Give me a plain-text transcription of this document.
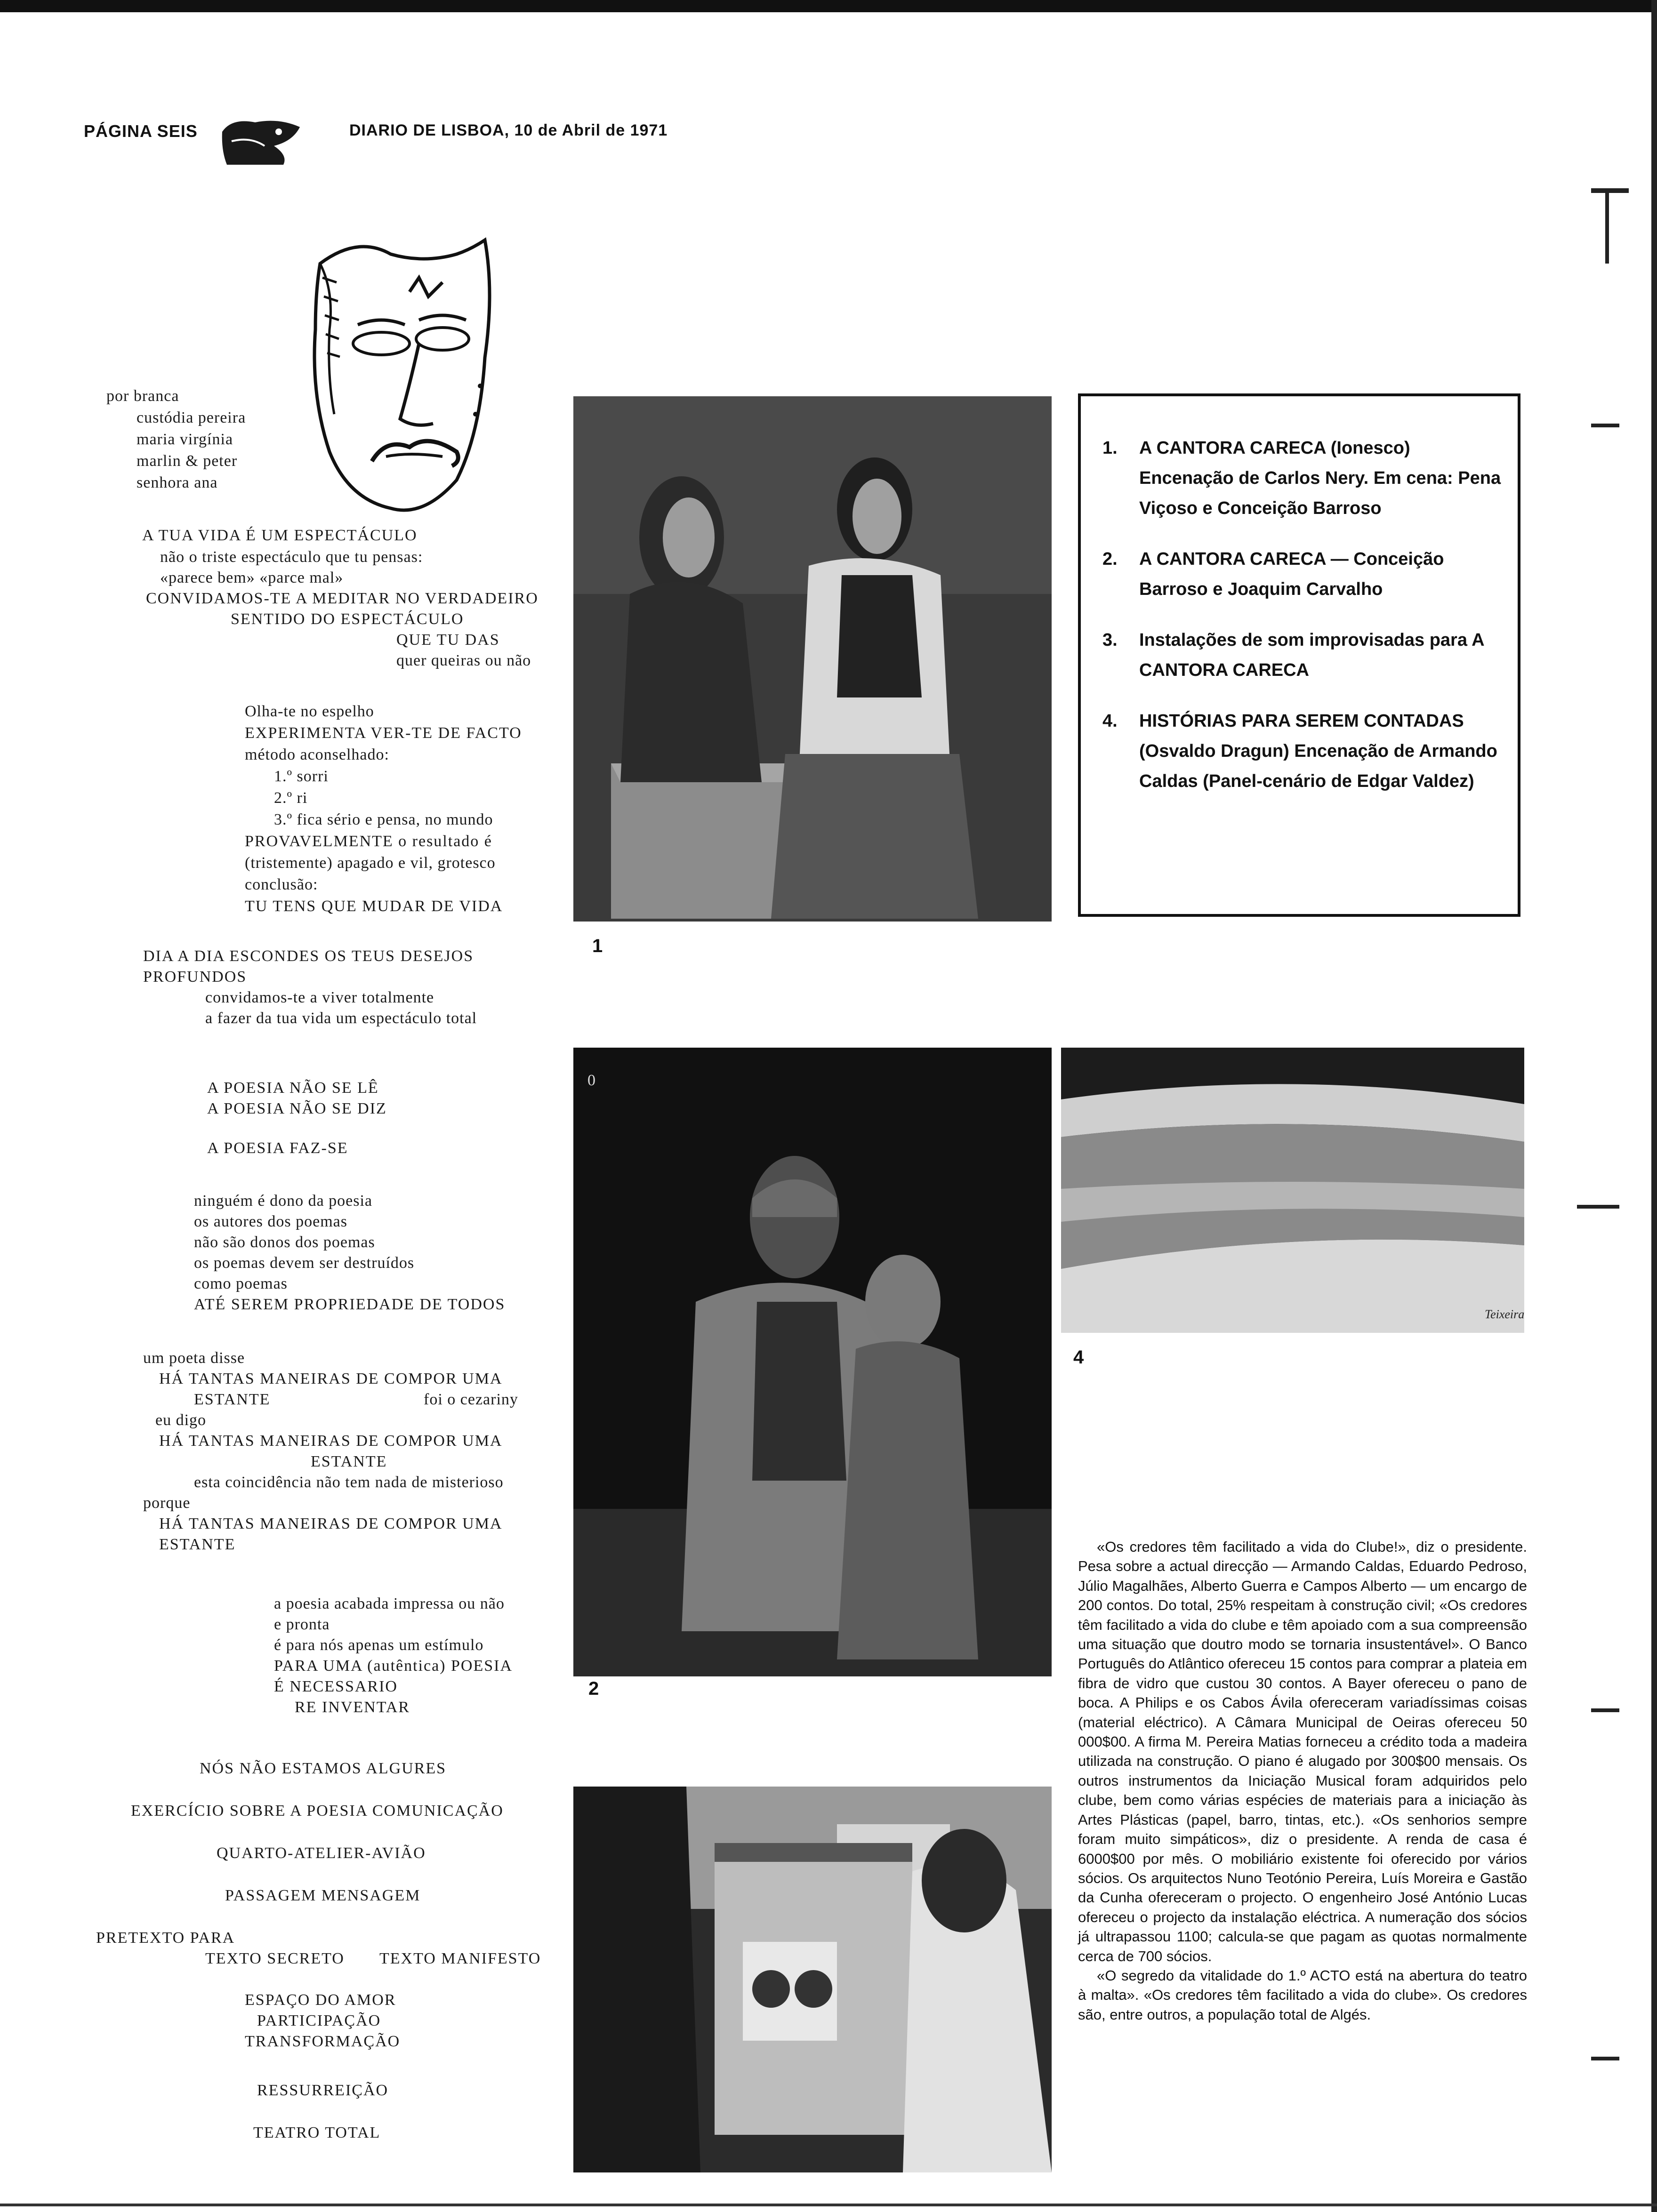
PÁGINA SEIS	DIARIO DE LISBOA, 10 de Abril de 1971
por branca
custódia pereira
maria virgínia
marlin & peter
senhora ana
A TUA VIDA É UM ESPECTÁCULO
não o triste espectáculo que tu pensas:
«parece bem» «parce mal»
CONVIDAMOS-TE A MEDITAR NO VERDADEIRO
SENTIDO DO ESPECTÁCULO
QUE TU DAS
quer queiras ou não
Olha-te no espelho
EXPERIMENTA VER-TE DE FACTO
método aconselhado:
1.º sorri
2.º ri
3.º fica sério e pensa, no mundo
PROVAVELMENTE o resultado é
(tristemente) apagado e vil, grotesco
conclusão:
TU TENS QUE MUDAR DE VIDA
DIA A DIA ESCONDES OS TEUS DESEJOS
PROFUNDOS
convidamos-te a viver totalmente
a fazer da tua vida um espectáculo total
A POESIA NÃO SE LÊ
A POESIA NÃO SE DIZ
A POESIA FAZ-SE
ninguém é dono da poesia
os autores dos poemas
não são donos dos poemas
os poemas devem ser destruídos
como poemas
ATÉ SEREM PROPRIEDADE DE TODOS
um poeta disse
HÁ TANTAS MANEIRAS DE COMPOR UMA
ESTANTE	foi o cezariny
eu digo
HÁ TANTAS MANEIRAS DE COMPOR UMA
ESTANTE
esta coincidência não tem nada de misterioso
porque
HÁ TANTAS MANEIRAS DE COMPOR UMA
ESTANTE
a poesia acabada impressa ou não
e pronta
é para nós apenas um estímulo
PARA UMA (autêntica) POESIA
É NECESSARIO
RE INVENTAR
NÓS NÃO ESTAMOS ALGURES
EXERCÍCIO SOBRE A POESIA COMUNICAÇÃO
QUARTO-ATELIER-AVIÃO
PASSAGEM MENSAGEM
PRETEXTO PARA
TEXTO SECRETO TEXTO MANIFESTO
ESPAÇO DO AMOR
PARTICIPAÇÃO
TRANSFORMAÇÃO
RESSURREIÇÃO
TEATRO TOTAL
1
1.	A CANTORA CARECA (Ionesco) Encenação de Carlos Nery. Em cena: Pena Viçoso e Conceição Barroso
2.	A CANTORA CARECA — Conceição Barroso e Joaquim Carvalho
3.	Instalações de som improvisadas para A CANTORA CARECA
4.	HISTÓRIAS PARA SEREM CONTADAS (Osvaldo Dragun) Encenação de Armando Caldas (Panel-cenário de Edgar Valdez)
0
2
Teixeira
4

«Os credores têm facilitado a vida do Clube!», diz o presidente. Pesa sobre a actual direcção — Armando Caldas, Eduardo Pedroso, Júlio Magalhães, Alberto Guerra e Campos Alberto — um encargo de 200 contos. Do total, 25% respeitam à construção civil; «Os credores têm facilitado a vida do clube e têm apoiado com a sua compreensão uma situação que doutro modo se tornaria insustentável». O Banco Português do Atlântico ofereceu 15 contos para comprar a plateia em fibra de vidro que custou 30 contos. A Bayer ofereceu o pano de boca. A Philips e os Cabos Ávila ofereceram variadíssimas coisas (material eléctrico). A Câmara Municipal de Oeiras ofereceu 50 000$00. A firma M. Pereira Matias forneceu a crédito toda a madeira utilizada na construção. O piano é alugado por 300$00 mensais. Os outros instrumentos da Iniciação Musical foram adquiridos pelo clube, bem como várias espécies de materiais para a iniciação às Artes Plásticas (papel, barro, tintas, etc.). «Os senhorios sempre foram muito simpáticos», diz o presidente. A renda de casa é 6000$00 por mês. O mobiliário existente foi oferecido por vários sócios. Os arquitectos Nuno Teotónio Pereira, Luís Moreira e Gastão da Cunha ofereceram o projecto. O engenheiro José António Lucas ofereceu o projecto da instalação eléctrica. A numeração dos sócios já ultrapassou 1100; calcula-se que pagam as quotas normalmente cerca de 700 sócios.

«O segredo da vitalidade do 1.º ACTO está na abertura do teatro à malta». «Os credores têm facilitado a vida do clube». Os credores são, entre outros, a população total de Algés.
